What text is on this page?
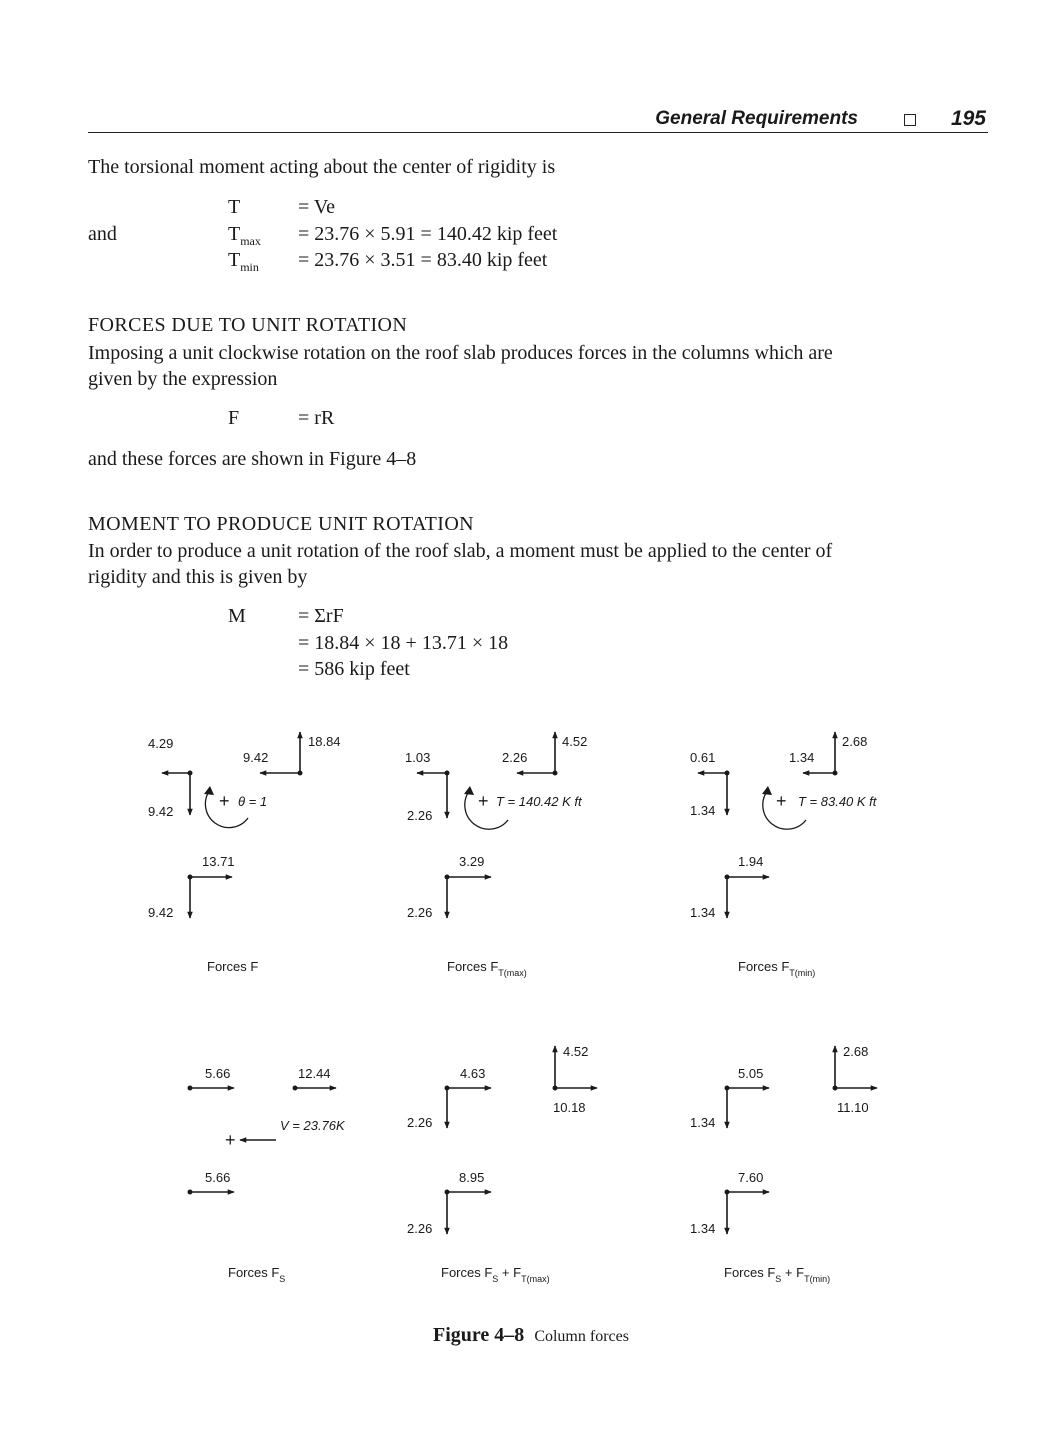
General Requirements	195
The torsional moment acting about the center of rigidity is
T	= Ve
and	$T_{max} = 23.76 \times 5.91 = 140.42$ kip feet
$T_{min} = 23.76 \times 3.51 = 83.40$ kip feet
FORCES DUE TO UNIT ROTATION
Imposing a unit clockwise rotation on the roof slab produces forces in the columns which are
given by the expression
F	= rR
and these forces are shown in Figure 4–8
MOMENT TO PRODUCE UNIT ROTATION
In order to produce a unit rotation of the roof slab, a moment must be applied to the center of
rigidity and this is given by
M	= ΣrF
= 18.84 × 18 + 13.71 × 18
= 586 kip feet
4.29
9.42
18.84
9.42
13.71
9.42
+ θ = 1
Forces F
1.03	2.26
4.52
2.26
3.29
2.26
+ T = 140.42 K ft
Forces $F_{T(max)}$
0.61	1.34
2.68
1.34
1.94
1.34
+ T = 83.40 K ft
Forces $F_{T(min)}$
5.66	12.44
5.66
V = 23.76K
+
Forces $F_S$
4.63
4.52
10.18
2.26
8.95
2.26
Forces $F_S + F_{T(max)}$
5.05
2.68
11.10
1.34
7.60
1.34
Forces $F_S + F_{T(min)}$
Figure 4–8 Column forces
